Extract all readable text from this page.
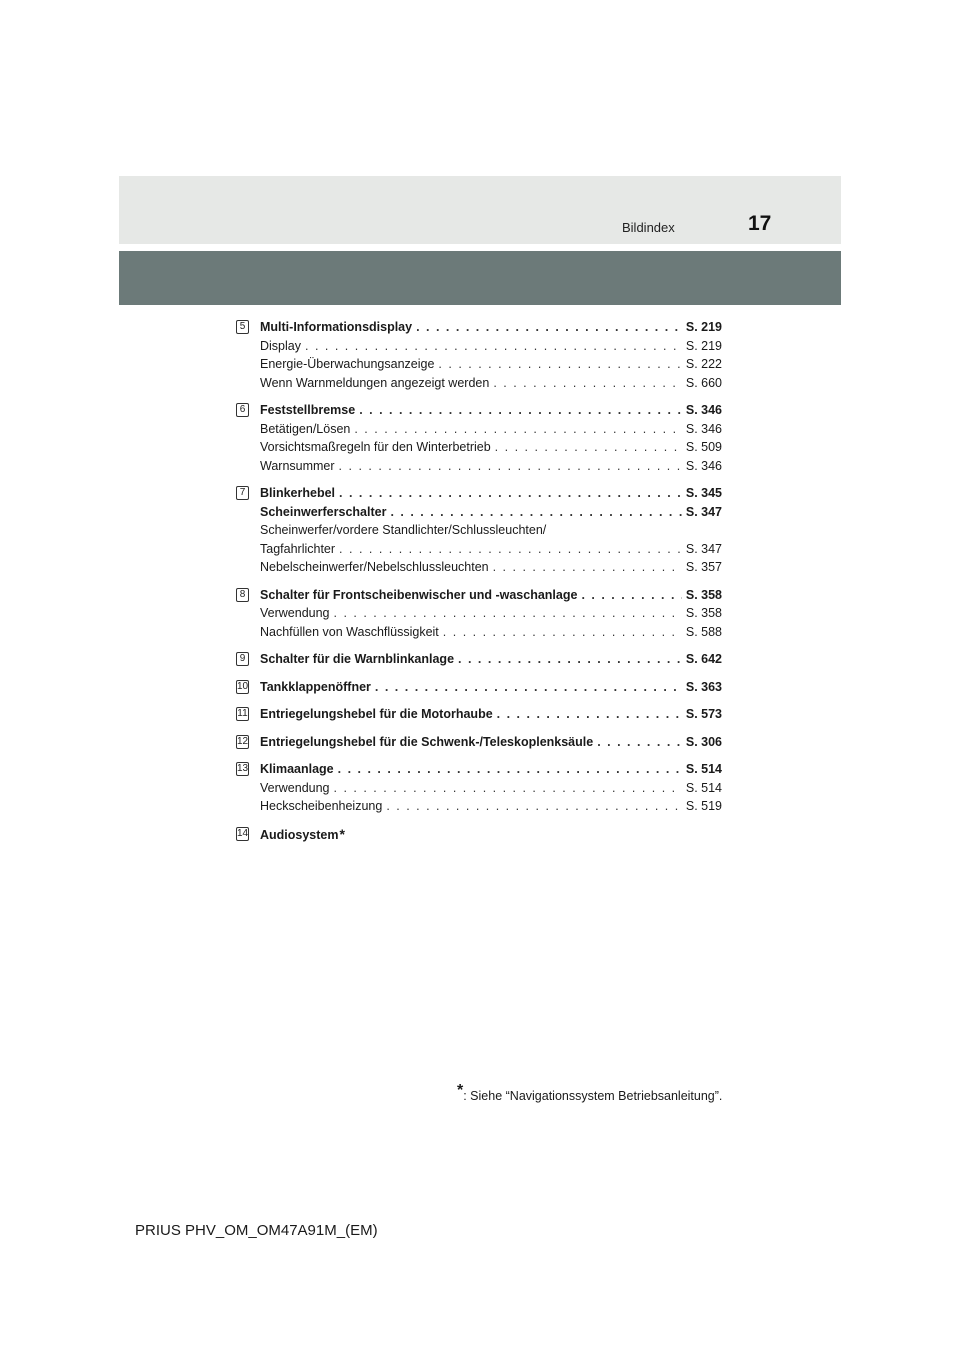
Bildindex	17
5 Multi-Informationsdisplay . . .	S. 219
Display . . .	S. 219
Energie-Überwachungsanzeige . . .	S. 222
Wenn Warnmeldungen angezeigt werden . . .	S. 660
6 Feststellbremse . . .	S. 346
Betätigen/Lösen . . .	S. 346
Vorsichtsmaßregeln für den Winterbetrieb . . .	S. 509
Warnsummer . . .	S. 346
7 Blinkerhebel . . .	S. 345
Scheinwerferschalter . . .	S. 347
Scheinwerfer/vordere Standlichter/Schlussleuchten/
Tagfahrlichter . . .	S. 347
Nebelscheinwerfer/Nebelschlussleuchten . . .	S. 357
8 Schalter für Frontscheibenwischer und -waschanlage . . .	S. 358
Verwendung . . .	S. 358
Nachfüllen von Waschflüssigkeit . . .	S. 588
9 Schalter für die Warnblinkanlage . . .	S. 642
10 Tankklappenöffner . . .	S. 363
11 Entriegelungshebel für die Motorhaube . . .	S. 573
12 Entriegelungshebel für die Schwenk-/Teleskoplenksäule . . .	S. 306
13 Klimaanlage . . .	S. 514
Verwendung . . .	S. 514
Heckscheibenheizung . . .	S. 519
14 Audiosystem *
*: Siehe “Navigationssystem Betriebsanleitung”.
PRIUS PHV_OM_OM47A91M_(EM)
